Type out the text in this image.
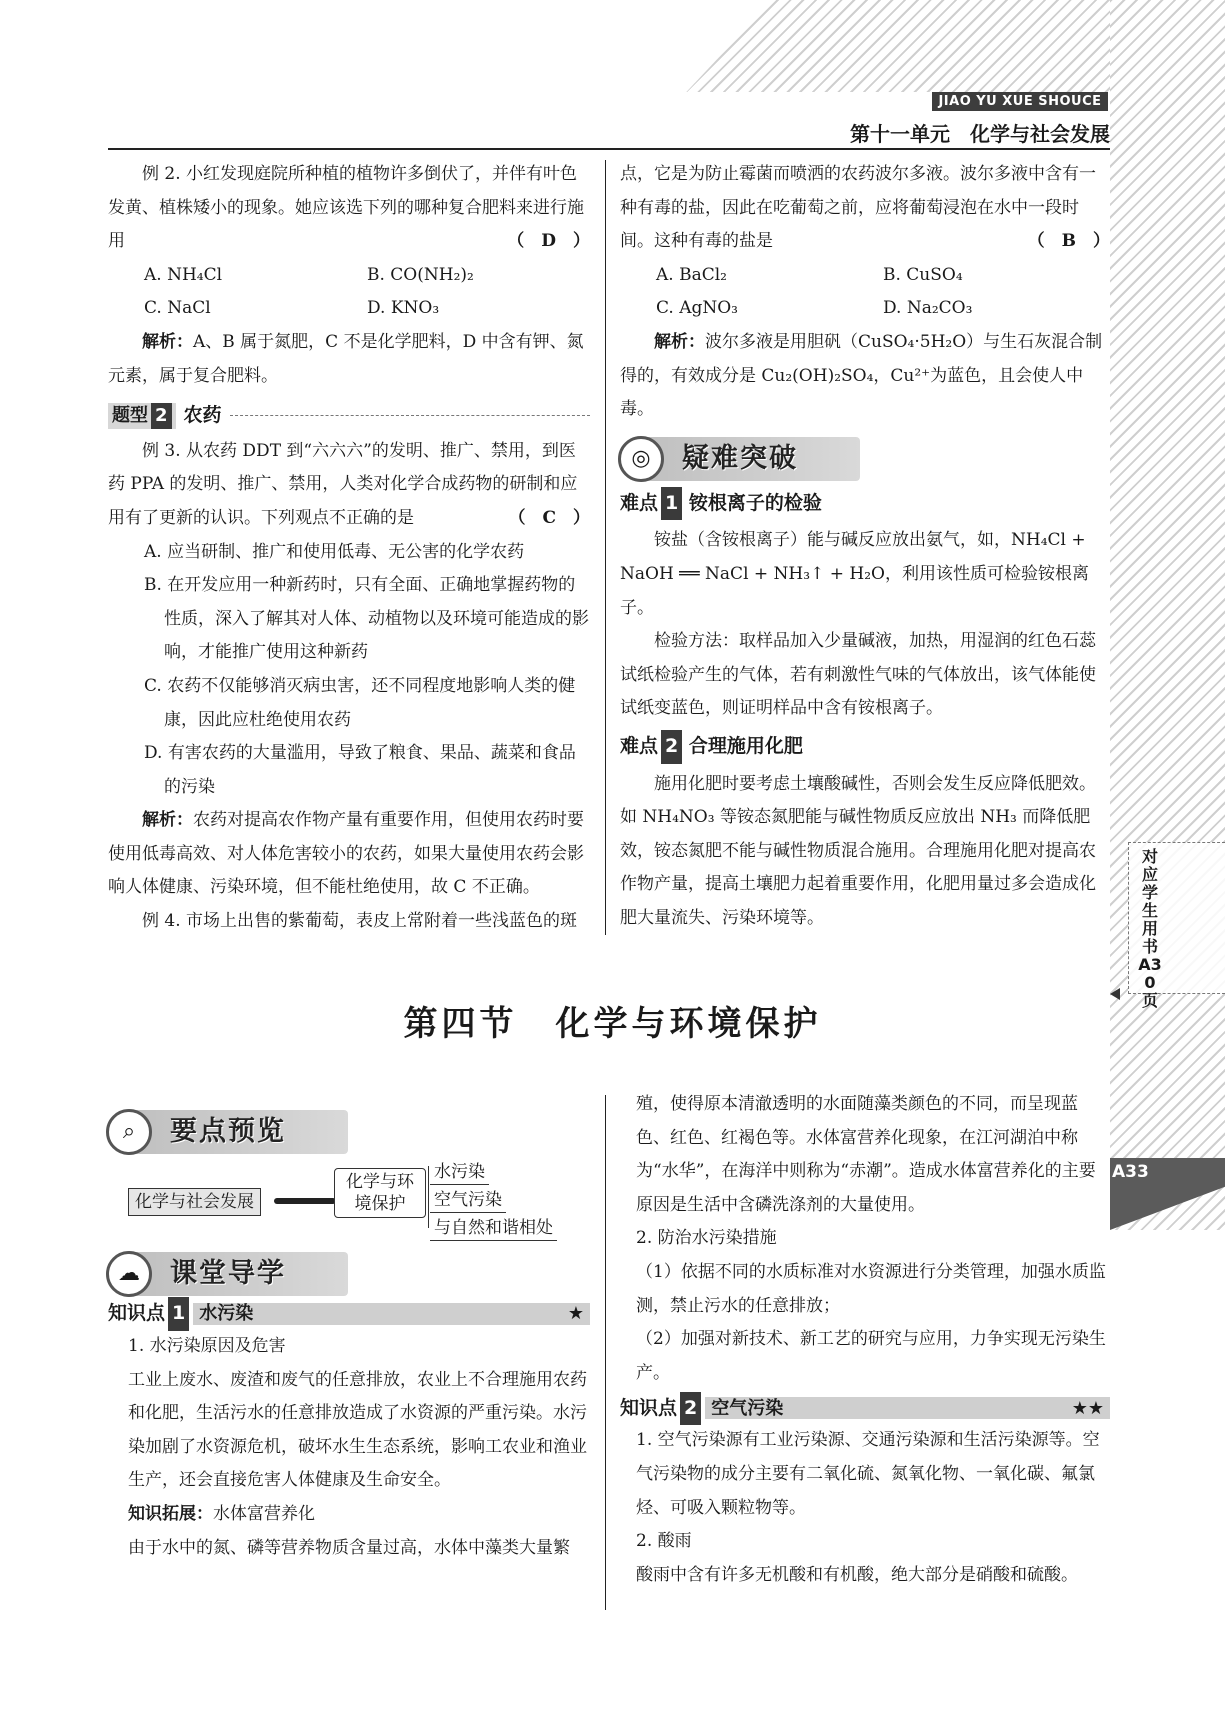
JIAO YU XUE SHOUCE
第十一单元　化学与社会发展
例 2. 小红发现庭院所种植的植物许多倒伏了，并伴有叶色发黄、植株矮小的现象。她应该选下列的哪种复合肥料来进行施用	（　D　）
A. NH₄Cl	B. CO(NH₂)₂
C. NaCl	D. KNO₃
解析：A、B 属于氮肥，C 不是化学肥料，D 中含有钾、氮元素，属于复合肥料。
题型 2 农药
例 3. 从农药 DDT 到“六六六”的发明、推广、禁用，到医药 PPA 的发明、推广、禁用，人类对化学合成药物的研制和应用有了更新的认识。下列观点不正确的是	（　C　）
A. 应当研制、推广和使用低毒、无公害的化学农药
B. 在开发应用一种新药时，只有全面、正确地掌握药物的性质，深入了解其对人体、动植物以及环境可能造成的影响，才能推广使用这种新药
C. 农药不仅能够消灭病虫害，还不同程度地影响人类的健康，因此应杜绝使用农药
D. 有害农药的大量滥用，导致了粮食、果品、蔬菜和食品的污染
解析：农药对提高农作物产量有重要作用，但使用农药时要使用低毒高效、对人体危害较小的农药，如果大量使用农药会影响人体健康、污染环境，但不能杜绝使用，故 C 不正确。
例 4. 市场上出售的紫葡萄，表皮上常附着一些浅蓝色的斑
点，它是为防止霉菌而喷洒的农药波尔多液。波尔多液中含有一种有毒的盐，因此在吃葡萄之前，应将葡萄浸泡在水中一段时间。这种有毒的盐是	（　B　）
A. BaCl₂	B. CuSO₄
C. AgNO₃	D. Na₂CO₃
解析：波尔多液是用胆矾（CuSO₄·5H₂O）与生石灰混合制得的，有效成分是 Cu₂(OH)₂SO₄，Cu²⁺为蓝色，且会使人中毒。
◎	疑难突破
难点 1 铵根离子的检验
铵盐（含铵根离子）能与碱反应放出氨气，如，NH₄Cl + NaOH ══ NaCl + NH₃↑ + H₂O，利用该性质可检验铵根离子。
检验方法：取样品加入少量碱液，加热，用湿润的红色石蕊试纸检验产生的气体，若有刺激性气味的气体放出，该气体能使试纸变蓝色，则证明样品中含有铵根离子。
难点 2 合理施用化肥
施用化肥时要考虑土壤酸碱性，否则会发生反应降低肥效。如 NH₄NO₃ 等铵态氮肥能与碱性物质反应放出 NH₃ 而降低肥效，铵态氮肥不能与碱性物质混合施用。合理施用化肥对提高农作物产量，提高土壤肥力起着重要作用，化肥用量过多会造成化肥大量流失、污染环境等。
对应学生用书A30页
第四节　化学与环境保护
A33
⌕	要点预览
化学与社会发展
化学与环境保护
水污染
空气污染
与自然和谐相处
☁	课堂导学
知识点 1 水污染	★
1. 水污染原因及危害
工业上废水、废渣和废气的任意排放，农业上不合理施用农药和化肥，生活污水的任意排放造成了水资源的严重污染。水污染加剧了水资源危机，破坏水生生态系统，影响工农业和渔业生产，还会直接危害人体健康及生命安全。
知识拓展：水体富营养化
由于水中的氮、磷等营养物质含量过高，水体中藻类大量繁
殖，使得原本清澈透明的水面随藻类颜色的不同，而呈现蓝色、红色、红褐色等。水体富营养化现象，在江河湖泊中称为“水华”，在海洋中则称为“赤潮”。造成水体富营养化的主要原因是生活中含磷洗涤剂的大量使用。
2. 防治水污染措施
（1）依据不同的水质标准对水资源进行分类管理，加强水质监测，禁止污水的任意排放；
（2）加强对新技术、新工艺的研究与应用，力争实现无污染生产。
知识点 2 空气污染	★★
1. 空气污染源有工业污染源、交通污染源和生活污染源等。空气污染物的成分主要有二氧化硫、氮氧化物、一氧化碳、氟氯烃、可吸入颗粒物等。
2. 酸雨
酸雨中含有许多无机酸和有机酸，绝大部分是硝酸和硫酸。
